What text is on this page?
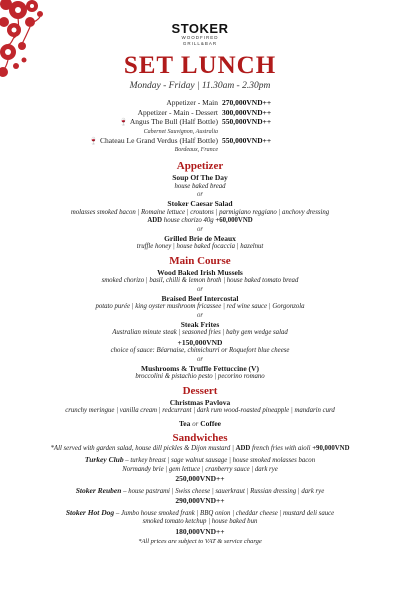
STOKER
WOODFIRED
GRILL&BAR
SET LUNCH
Monday - Friday | 11.30am - 2.30pm
Appetizer - Main 270,000VND++
Appetizer - Main - Dessert 300,000VND++
🍷 Angus The Bull (Half Bottle) 550,000VND++
Cabernet Sauvignon, Australia
🍷 Chateau Le Grand Verdus (Half Bottle) 550,000VND++
Bordeaux, France
Appetizer
Soup Of The Day
house baked bread
or
Stoker Caesar Salad
molasses smoked bacon | Romaine lettuce | croutons | parmigiano reggiano | anchovy dressing
ADD house chorizo 40g +60,000VND
or
Grilled Brie de Meaux
truffle honey | house baked focaccia | hazelnut
Main Course
Wood Baked Irish Mussels
smoked chorizo | basil, chilli & lemon broth | house baked tomato bread
or
Braised Beef Intercostal
potato purée | king oyster mushroom fricassee | red wine sauce | Gorgonzola
or
Steak Frites
Australian minute steak | seasoned fries | baby gem wedge salad
+150,000VND
choice of sauce: Béarnaise, chimichurri or Roquefort blue cheese
or
Mushrooms & Truffle Fettuccine (V)
broccolini & pistachio pesto | pecorino romano
Dessert
Christmas Pavlova
crunchy meringue | vanilla cream | redcurrant | dark rum wood-roasted pineapple | mandarin curd
Tea or Coffee
Sandwiches
*All served with garden salad, house dill pickles & Dijon mustard | ADD french fries with aioli +90,000VND
Turkey Club – turkey breast | sage walnut sausage | house smoked molasses bacon
Normandy brie | gem lettuce | cranberry sauce | dark rye
250,000VND++
Stoker Reuben – house pastrami | Swiss cheese | sauerkraut | Russian dressing | dark rye
290,000VND++
Stoker Hot Dog – Jumbo house smoked frank | BBQ onion | cheddar cheese | mustard deli sauce
smoked tomato ketchup | house baked bun
180,000VND++
*All prices are subject to VAT & service charge
